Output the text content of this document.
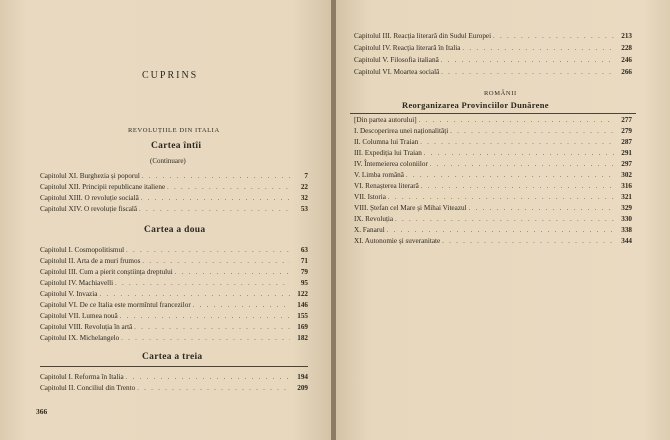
CUPRINS
REVOLUȚIILE DIN ITALIA
Cartea întîi
(Continuare)
Capitolul XI. Burghezia și poporul . . .	7
Capitolul XII. Principii republicane italiene . . .	22
Capitolul XIII. O revoluție socială . . .	32
Capitolul XIV. O revoluție fiscală . . .	53
Cartea a doua
Capitolul I. Cosmopolitismul . . .	63
Capitolul II. Arta de a muri frumos . . .	71
Capitolul III. Cum a pierit conștiința dreptului . . .	79
Capitolul IV. Machiavelli . . .	95
Capitolul V. Invazia . . .	122
Capitolul VI. De ce Italia este mormîntul francezilor . . .	146
Capitolul VII. Lumea nouă . . .	155
Capitolul VIII. Revoluția în artă . . .	169
Capitolul IX. Michelangelo . . .	182
Cartea a treia
Capitolul I. Reforma în Italia . . .	194
Capitolul II. Conciliul din Trento . . .	209
366
Capitolul III. Reacția literară din Sudul Europei . . .	213
Capitolul IV. Reacția literară în Italia . . .	228
Capitolul V. Filosofia italiană . . .	246
Capitolul VI. Moartea socială . . .	266
ROMÂNII
Reorganizarea Provinciilor Dunărene
[Din partea autorului] . . .	277
I. Descoperirea unei naționalități . . .	279
II. Columna lui Traian . . .	287
III. Expediția lui Traian . . .	291
IV. Întemeierea coloniilor . . .	297
V. Limba română . . .	302
VI. Renașterea literară . . .	316
VII. Istoria . . .	321
VIII. Ștefan cel Mare și Mihai Viteazul . . .	329
IX. Revoluția . . .	330
X. Fanarul . . .	338
XI. Autonomie și suveranitate . . .	344
